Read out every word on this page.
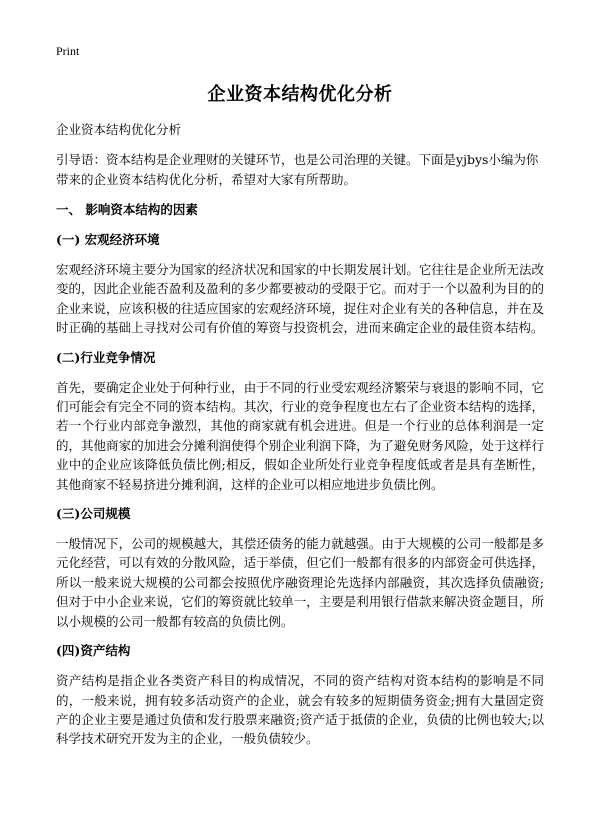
Print
企业资本结构优化分析

企业资本结构优化分析

引导语：资本结构是企业理财的关键环节，也是公司治理的关键。下面是yjbys小编为你带来的企业资本结构优化分析，希望对大家有所帮助。

一、 影响资本结构的因素
(一) 宏观经济环境

宏观经济环境主要分为国家的经济状况和国家的中长期发展计划。它往往是企业所无法改变的，因此企业能否盈利及盈利的多少都要被动的受限于它。而对于一个以盈利为目的的企业来说，应该积极的往适应国家的宏观经济环境，捉住对企业有关的各种信息，并在及时正确的基础上寻找对公司有价值的筹资与投资机会，进而来确定企业的最佳资本结构。

(二)行业竞争情况

首先，要确定企业处于何种行业，由于不同的行业受宏观经济繁荣与衰退的影响不同，它们可能会有完全不同的资本结构。其次，行业的竞争程度也左右了企业资本结构的选择，若一个行业内部竞争激烈，其他的商家就有机会进进。但是一个行业的总体利润是一定的，其他商家的加进会分摊利润使得个别企业利润下降，为了避免财务风险，处于这样行业中的企业应该降低负债比例;相反，假如企业所处行业竞争程度低或者是具有垄断性，其他商家不轻易挤进分摊利润，这样的企业可以相应地进步负债比例。

(三)公司规模

一般情况下，公司的规模越大，其偿还债务的能力就越强。由于大规模的公司一般都是多元化经营，可以有效的分散风险，适于举债，但它们一般都有很多的内部资金可供选择，所以一般来说大规模的公司都会按照优序融资理论先选择内部融资，其次选择负债融资;但对于中小企业来说，它们的筹资就比较单一，主要是利用银行借款来解决资金题目，所以小规模的公司一般都有较高的负债比例。

(四)资产结构

资产结构是指企业各类资产科目的构成情况，不同的资产结构对资本结构的影响是不同的，一般来说，拥有较多活动资产的企业，就会有较多的短期债务资金;拥有大量固定资产的企业主要是通过负债和发行股票来融资;资产适于抵债的企业，负债的比例也较大;以科学技术研究开发为主的企业，一般负债较少。
